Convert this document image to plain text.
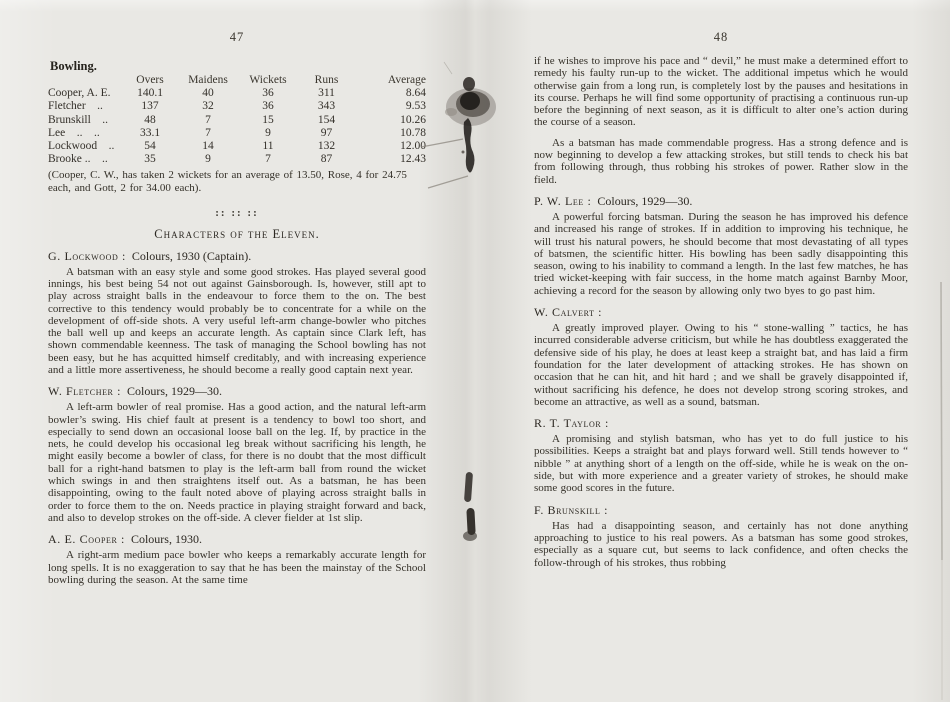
47
Bowling.
	Overs	Maidens	Wickets	Runs	Average
Cooper, A. E.	140.1	40	36	311	8.64
Fletcher　..	137	32	36	343	9.53
Brunskill　..	48	7	15	154	10.26
Lee　..　..	33.1	7	9	97	10.78
Lockwood　..	54	14	11	132	12.00
Brooke ..　..	35	9	7	87	12.43

(Cooper, C. W., has taken 2 wickets for an average of 13.50, Rose, 4 for 24.75 each, and Gott, 2 for 34.00 each).

:: :: ::
Characters of the Eleven.
G. Lockwood : Colours, 1930 (Captain).

A batsman with an easy style and some good strokes. Has played several good innings, his best being 54 not out against Gainsborough. Is, however, still apt to play across straight balls in the endeavour to force them to the on. The best corrective to this tendency would probably be to concentrate for a while on the development of off-side shots. A very useful left-arm change-bowler who pitches the ball well up and keeps an accurate length. As captain since Clark left, has shown commendable keenness. The task of managing the School bowling has not been easy, but he has acquitted himself creditably, and with increasing experience and a little more assertiveness, he should become a really good captain next year.

W. Fletcher : Colours, 1929—30.

A left-arm bowler of real promise. Has a good action, and the natural left-arm bowler’s swing. His chief fault at present is a tendency to bowl too short, and especially to send down an occasional loose ball on the leg. If, by practice in the nets, he could develop his occasional leg break without sacrificing his length, he might easily become a bowler of class, for there is no doubt that the most difficult ball for a right-hand batsmen to play is the left-arm ball from round the wicket which swings in and then straightens itself out. As a batsman, he has been disappointing, owing to the fault noted above of playing across straight balls in order to force them to the on. Needs practice in playing straight forward and back, and also to develop strokes on the off-side. A clever fielder at 1st slip.

A. E. Cooper : Colours, 1930.

A right-arm medium pace bowler who keeps a remarkably accurate length for long spells. It is no exaggeration to say that he has been the mainstay of the School bowling during the season. At the same time

48

if he wishes to improve his pace and “ devil,” he must make a determined effort to remedy his faulty run-up to the wicket. The additional impetus which he would otherwise gain from a long run, is completely lost by the pauses and hesitations in its course. Perhaps he will find some opportunity of practising a continuous run-up before the beginning of next season, as it is difficult to alter one’s action during the course of a season.

As a batsman has made commendable progress. Has a strong defence and is now beginning to develop a few attacking strokes, but still tends to check his bat from following through, thus robbing his strokes of power. Rather slow in the field.

P. W. Lee : Colours, 1929—30.

A powerful forcing batsman. During the season he has improved his defence and increased his range of strokes. If in addition to improving his technique, he will trust his natural powers, he should become that most devastating of all types of batsmen, the scientific hitter. His bowling has been sadly disappointing this season, owing to his inability to command a length. In the last few matches, he has tried wicket-keeping with fair success, in the home match against Barnby Moor, achieving a record for the season by allowing only two byes to go past him.

W. Calvert :

A greatly improved player. Owing to his “ stone-walling ” tactics, he has incurred considerable adverse criticism, but while he has doubtless exaggerated the defensive side of his play, he does at least keep a straight bat, and has laid a firm foundation for the later development of attacking strokes. He has shown on occasion that he can hit, and hit hard ; and we shall be gravely disappointed if, without sacrificing his defence, he does not develop strong scoring strokes, and become an attractive, as well as a sound, batsman.

R. T. Taylor :

A promising and stylish batsman, who has yet to do full justice to his possibilities. Keeps a straight bat and plays forward well. Still tends however to “ nibble ” at anything short of a length on the off-side, while he is weak on the on-side, but with more experience and a greater variety of strokes, he should make some good scores in the future.

F. Brunskill :

Has had a disappointing season, and certainly has not done anything approaching to justice to his real powers. As a batsman has some good strokes, especially as a square cut, but seems to lack confidence, and often checks the follow-through of his strokes, thus robbing
